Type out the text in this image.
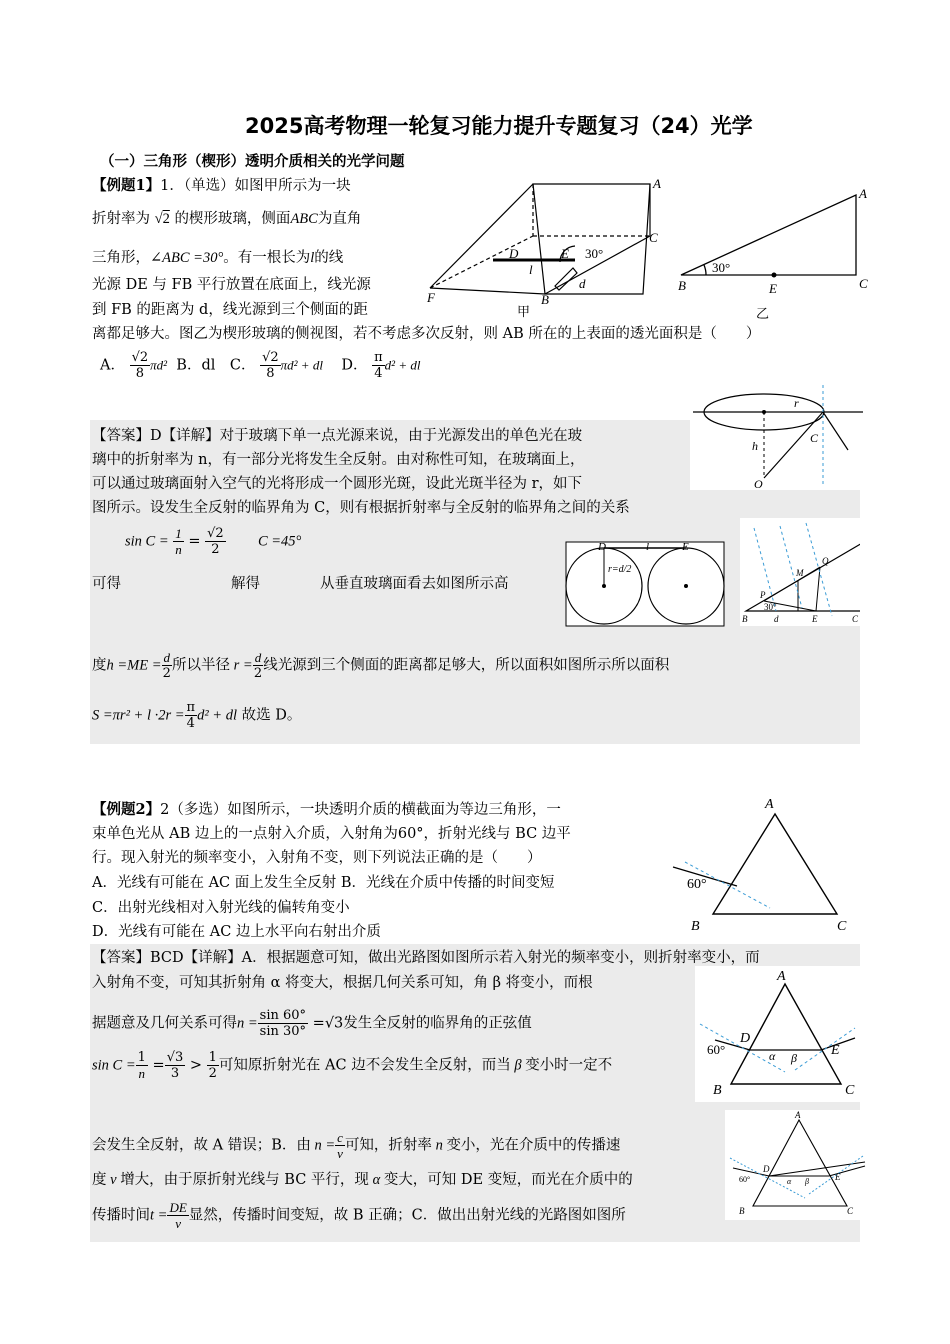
2025高考物理一轮复习能力提升专题复习（24）光学
（一）三角形（楔形）透明介质相关的光学问题
【例题1】1．（单选）如图甲所示为一块
折射率为 √2 的楔形玻璃，侧面ABC为直角
三角形，∠ABC =30°。有一根长为l的线
光源 DE 与 FB 平行放置在底面上，线光源
到 FB 的距离为 d，线光源到三个侧面的距
离都足够大。图乙为楔形玻璃的侧视图，若不考虑多次反射，则 AB 所在的上表面的透光面积是（　　）
A． $\frac{√2}{8} \pi d^2$ B．dl　C． $\frac{√2}{8} \pi d^2$ + dl D． $\frac{\pi}{4} d^2$ + dl
A
C
F	B
D	E 30°
l
d
甲
A
B	C
E
30°
乙
【答案】D【详解】对于玻璃下单一点光源来说，由于光源发出的单色光在玻
璃中的折射率为 n，有一部分光将发生全反射。由对称性可知，在玻璃面上，
可以通过玻璃面射入空气的光将形成一个圆形光斑，设此光斑半径为 r，如下
图所示。设发生全反射的临界角为 C，则有根据折射率与全反射的临界角之间的关系
$\sin C = \frac{1}{n} = \frac{√2}{2}$ C =45°
可得	解得	从垂直玻璃面看去如图所示高
度$h =ME = \frac{d}{2}$ 所以半径 $r = \frac{d}{2}$ 线光源到三个侧面的距离都足够大，所以面积如图所示所以面积
$S =\pi r^2 + l \cdot 2r = \frac{\pi}{4} d^2$ + dl 故选 D。
r
h
C
O
D	l	E
r=d/2
B	d	E	C
P
M
Q
30°
【例题2】2（多选）如图所示，一块透明介质的横截面为等边三角形，一
束单色光从 AB 边上的一点射入介质，入射角为60°，折射光线与 BC 边平
行。现入射光的频率变小，入射角不变，则下列说法正确的是（　　）
A．光线有可能在 AC 面上发生全反射 B．光线在介质中传播的时间变短
C．出射光线相对入射光线的偏转角变小
D．光线有可能在 AC 边上水平向右射出介质
A
B	C
60°
【答案】BCD【详解】A．根据题意可知，做出光路图如图所示若入射光的频率变小，则折射率变小，而
入射角不变，可知其折射角 α 将变大，根据几何关系可知，角 β 将变小，而根
据题意及几何关系可得$n = \frac{\sin 60^\circ}{\sin 30^\circ} =√3$发生全反射的临界角的正弦值
$\sin C = \frac{1}{n} = \frac{√3}{3} > \frac{1}{2}$ 可知原折射光在 AC 边不会发生全反射，而当 β 变小时一定不
会发生全反射，故 A 错误；B．由 $n = \frac{c}{v}$ 可知，折射率 n 变小，光在介质中的传播速
度 v 增大，由于原折射光线与 BC 平行，现 α 变大，可知 DE 变短，而光在介质中的
传播时间$t = \frac{DE}{v}$ 显然，传播时间变短，故 B 正确；C．做出出射光线的光路图如图所
A
B	C
D
E
60°	α β
A
B	C
D
E
60°	α β
